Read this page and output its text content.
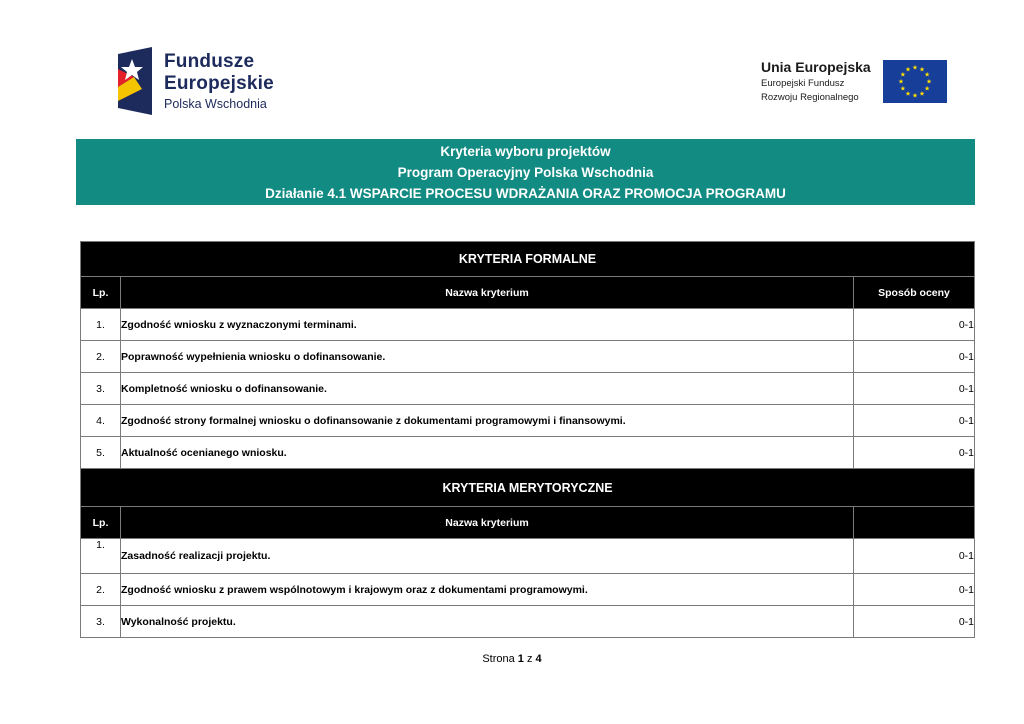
Fundusze
Europejskie
Polska Wschodnia
Unia Europejska
Europejski Fundusz
Rozwoju Regionalnego
Kryteria wyboru projektów
Program Operacyjny Polska Wschodnia
Działanie 4.1 WSPARCIE PROCESU WDRAŻANIA ORAZ PROMOCJA PROGRAMU
KRYTERIA FORMALNE		
Lp.	Nazwa kryterium	Sposób oceny
1.	Zgodność wniosku z wyznaczonymi terminami.	0-1
2.	Poprawność wypełnienia wniosku o dofinansowanie.	0-1
3.	Kompletność wniosku o dofinansowanie.	0-1
4.	Zgodność strony formalnej wniosku o dofinansowanie z dokumentami programowymi i finansowymi.	0-1
5.	Aktualność ocenianego wniosku.	0-1
KRYTERIA MERYTORYCZNE		
Lp.	Nazwa kryterium	
1.	Zasadność realizacji projektu.	0-1
2.	Zgodność wniosku z prawem wspólnotowym i krajowym oraz z dokumentami programowymi.	0-1
3.	Wykonalność projektu.	0-1
Strona 1 z 4
